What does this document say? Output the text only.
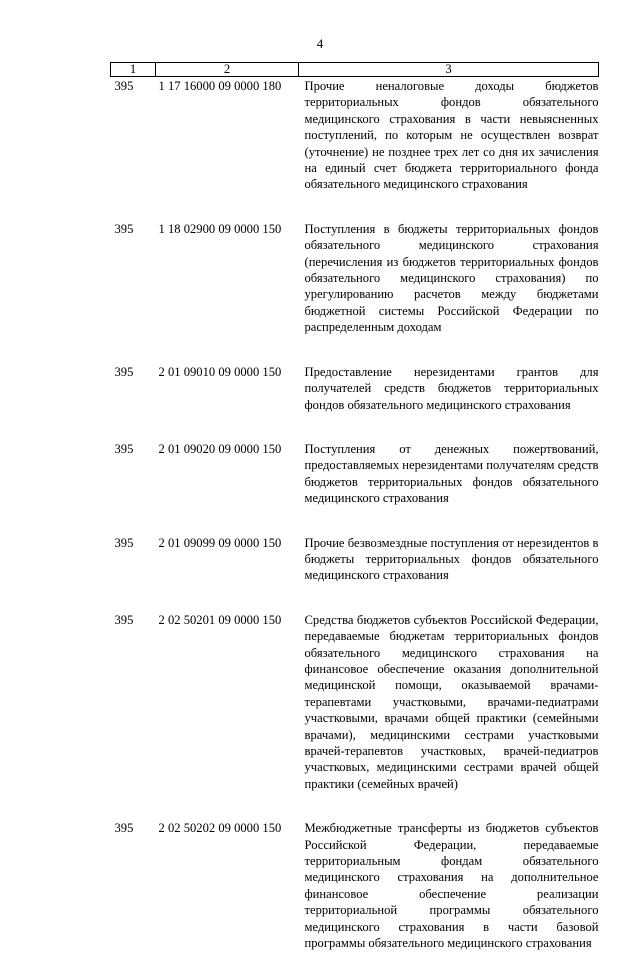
4
1	2	3
395	1 17 16000 09 0000 180	Прочие неналоговые доходы бюджетов территориальных фондов обязательного медицинского страхования в части невыясненных поступлений, по которым не осуществлен возврат (уточнение) не позднее трех лет со дня их зачисления на единый счет бюджета территориального фонда обязательного медицинского страхования
395	1 18 02900 09 0000 150	Поступления в бюджеты территориальных фондов обязательного медицинского страхования (перечисления из бюджетов территориальных фондов обязательного медицинского страхования) по урегулированию расчетов между бюджетами бюджетной системы Российской Федерации по распределенным доходам
395	2 01 09010 09 0000 150	Предоставление нерезидентами грантов для получателей средств бюджетов территориальных фондов обязательного медицинского страхования
395	2 01 09020 09 0000 150	Поступления от денежных пожертвований, предоставляемых нерезидентами получателям средств бюджетов территориальных фондов обязательного медицинского страхования
395	2 01 09099 09 0000 150	Прочие безвозмездные поступления от нерезидентов в бюджеты территориальных фондов обязательного медицинского страхования
395	2 02 50201 09 0000 150	Средства бюджетов субъектов Российской Федерации, передаваемые бюджетам территориальных фондов обязательного медицинского страхования на финансовое обеспечение оказания дополнительной медицинской помощи, оказываемой врачами-терапевтами участковыми, врачами-педиатрами участковыми, врачами общей практики (семейными врачами), медицинскими сестрами участковыми врачей-терапевтов участковых, врачей-педиатров участковых, медицинскими сестрами врачей общей практики (семейных врачей)
395	2 02 50202 09 0000 150	Межбюджетные трансферты из бюджетов субъектов Российской Федерации, передаваемые территориальным фондам обязательного медицинского страхования на дополнительное финансовое обеспечение реализации территориальной программы обязательного медицинского страхования в части базовой программы обязательного медицинского страхования
